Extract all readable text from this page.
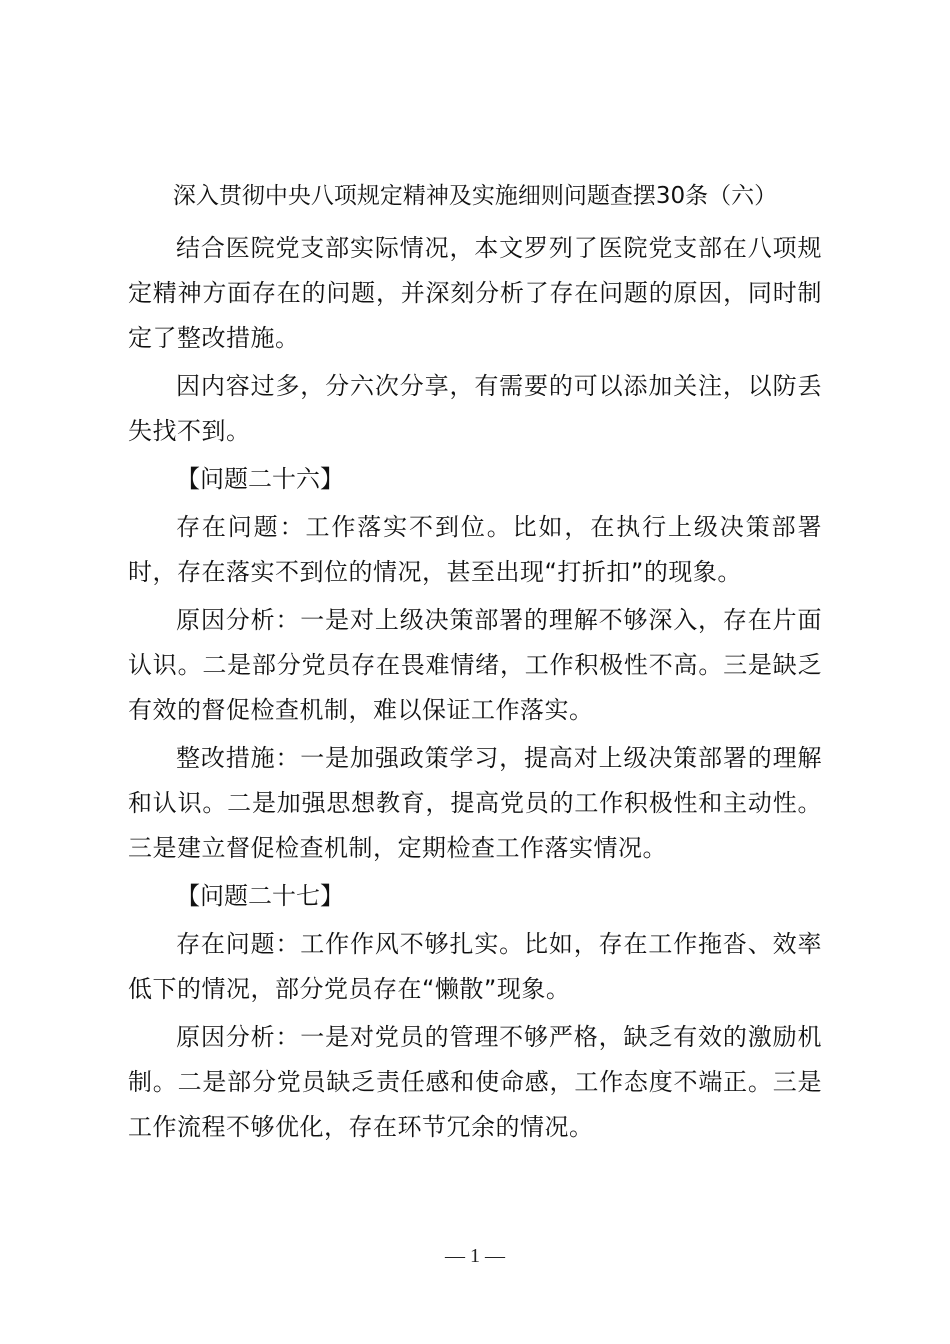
深入贯彻中央八项规定精神及实施细则问题查摆30条（六）

结合医院党支部实际情况，本文罗列了医院党支部在八项规定精神方面存在的问题，并深刻分析了存在问题的原因，同时制定了整改措施。

因内容过多，分六次分享，有需要的可以添加关注，以防丢失找不到。

【问题二十六】

存在问题：工作落实不到位。比如，在执行上级决策部署时，存在落实不到位的情况，甚至出现“打折扣”的现象。

原因分析：一是对上级决策部署的理解不够深入，存在片面认识。二是部分党员存在畏难情绪，工作积极性不高。三是缺乏有效的督促检查机制，难以保证工作落实。

整改措施：一是加强政策学习，提高对上级决策部署的理解和认识。二是加强思想教育，提高党员的工作积极性和主动性。三是建立督促检查机制，定期检查工作落实情况。

【问题二十七】

存在问题：工作作风不够扎实。比如，存在工作拖沓、效率低下的情况，部分党员存在“懒散”现象。

原因分析：一是对党员的管理不够严格，缺乏有效的激励机制。二是部分党员缺乏责任感和使命感，工作态度不端正。三是工作流程不够优化，存在环节冗余的情况。

— 1 —
